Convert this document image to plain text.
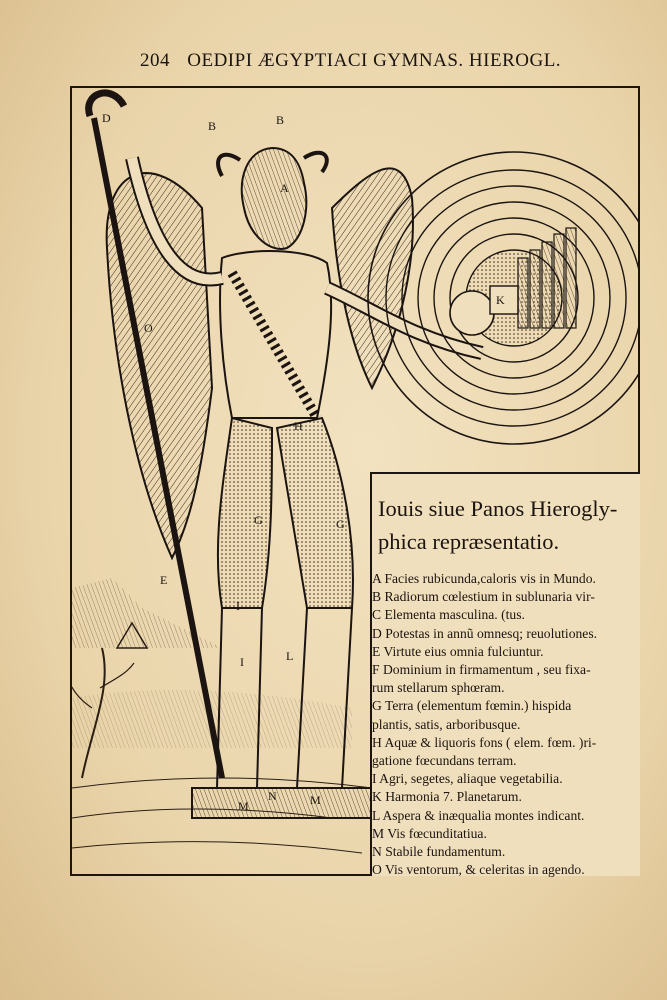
204 OEDIPI ÆGYPTIACI GYMNAS. HIEROGL.
D
B	B
A
K
H
O
G	G
E
I
I	L
M
N	M
Iouis siue Panos Hierogly-
phica repræsentatio.
A Facies rubicunda,caloris vis in Mundo.
B Radiorum cœlestium in sublunaria vir-
C Elementa masculina. (tus.
D Potestas in annũ omnesq; reuolutiones.
E Virtute eius omnia fulciuntur.
F Dominium in firmamentum , seu fixa-
rum stellarum sphœram.
G Terra (elementum fœmin.) hispida
plantis, satis, arboribusque.
H Aquæ & liquoris fons ( elem. fœm. )ri-
gatione fœcundans terram.
I Agri, segetes, aliaque vegetabilia.
K Harmonia 7. Planetarum.
L Aspera & inæqualia montes indicant.
M Vis fœcunditatiua.
N Stabile fundamentum.
O Vis ventorum, & celeritas in agendo.
